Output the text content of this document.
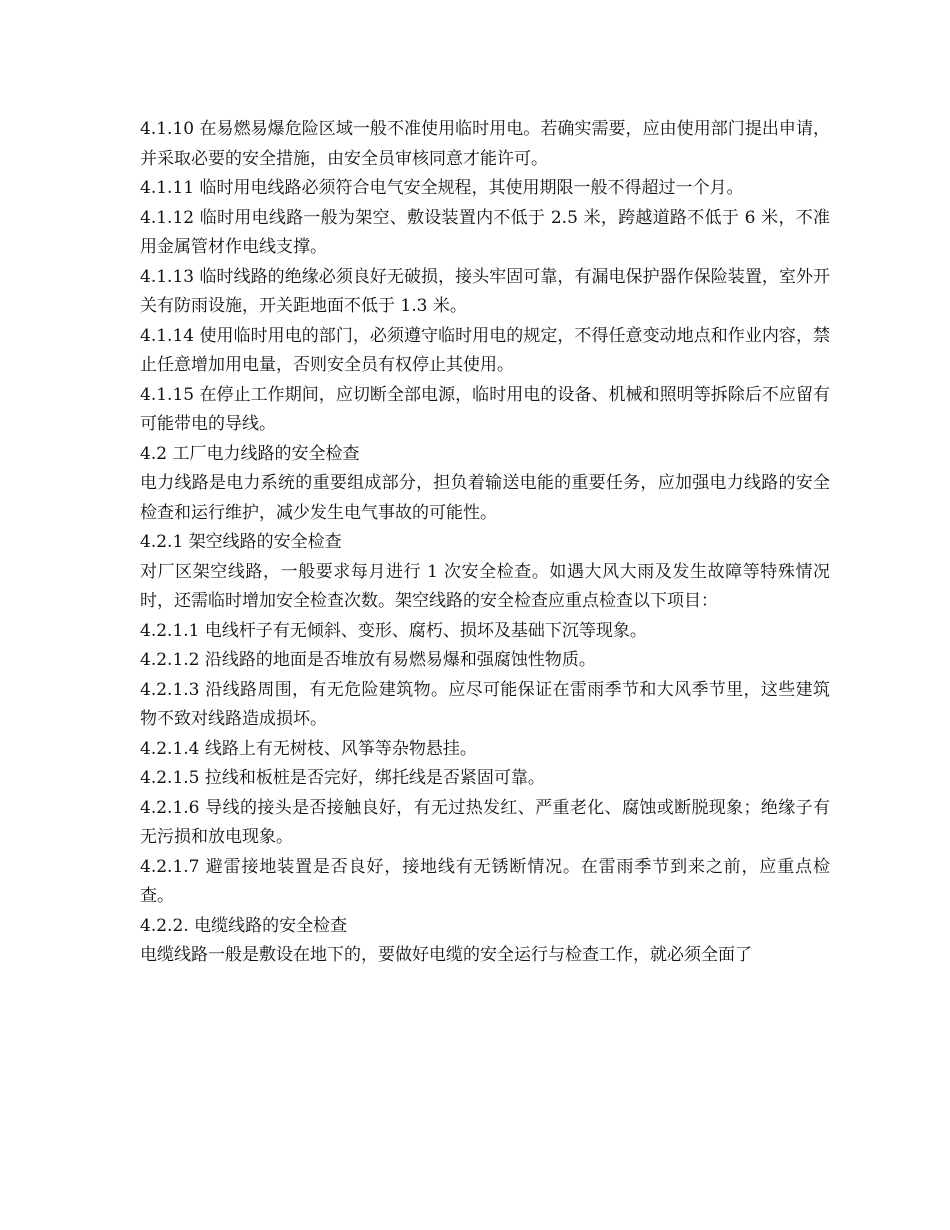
4.1.10 在易燃易爆危险区域一般不准使用临时用电。若确实需要，应由使用部门提出申请，并采取必要的安全措施，由安全员审核同意才能许可。

4.1.11 临时用电线路必须符合电气安全规程，其使用期限一般不得超过一个月。

4.1.12 临时用电线路一般为架空、敷设装置内不低于 2.5 米，跨越道路不低于 6 米，不准用金属管材作电线支撑。

4.1.13 临时线路的绝缘必须良好无破损，接头牢固可靠，有漏电保护器作保险装置，室外开关有防雨设施，开关距地面不低于 1.3 米。

4.1.14 使用临时用电的部门，必须遵守临时用电的规定，不得任意变动地点和作业内容，禁止任意增加用电量，否则安全员有权停止其使用。

4.1.15 在停止工作期间，应切断全部电源，临时用电的设备、机械和照明等拆除后不应留有可能带电的导线。

4.2 工厂电力线路的安全检查

电力线路是电力系统的重要组成部分，担负着输送电能的重要任务，应加强电力线路的安全检查和运行维护，减少发生电气事故的可能性。

4.2.1 架空线路的安全检查

对厂区架空线路，一般要求每月进行 1 次安全检查。如遇大风大雨及发生故障等特殊情况时，还需临时增加安全检查次数。架空线路的安全检查应重点检查以下项目：

4.2.1.1 电线杆子有无倾斜、变形、腐朽、损坏及基础下沉等现象。

4.2.1.2 沿线路的地面是否堆放有易燃易爆和强腐蚀性物质。

4.2.1.3 沿线路周围，有无危险建筑物。应尽可能保证在雷雨季节和大风季节里，这些建筑物不致对线路造成损坏。

4.2.1.4 线路上有无树枝、风筝等杂物悬挂。

4.2.1.5 拉线和板桩是否完好，绑托线是否紧固可靠。

4.2.1.6 导线的接头是否接触良好，有无过热发红、严重老化、腐蚀或断脱现象；绝缘子有无污损和放电现象。

4.2.1.7 避雷接地装置是否良好，接地线有无锈断情况。在雷雨季节到来之前，应重点检查。

4.2.2. 电缆线路的安全检查

电缆线路一般是敷设在地下的，要做好电缆的安全运行与检查工作，就必须全面了
